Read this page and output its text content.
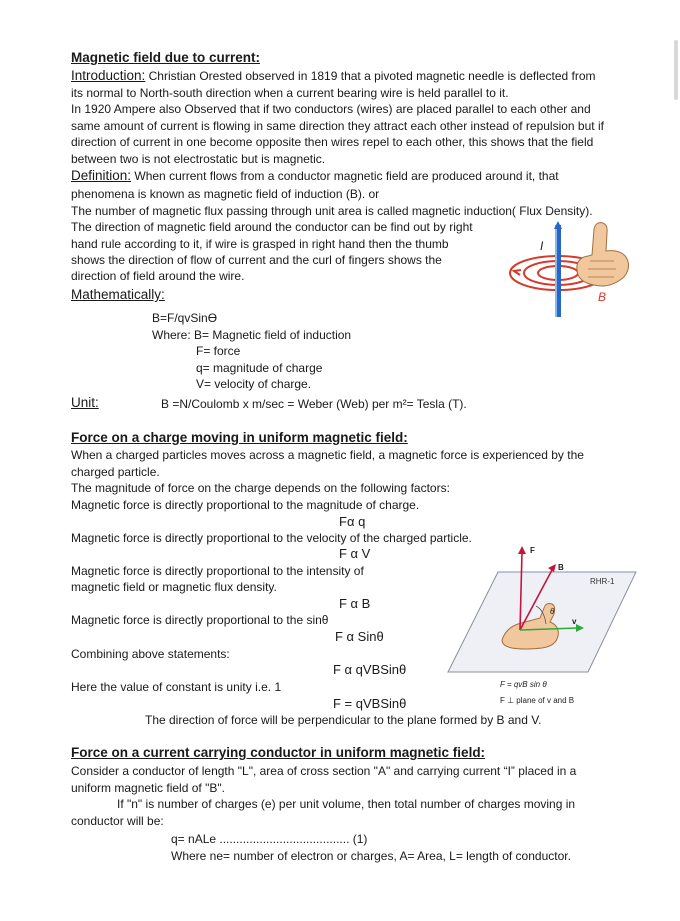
Magnetic field due to current:
Introduction: Christian Orested observed in 1819 that a pivoted magnetic needle is deflected from
its normal to North-south direction when a current bearing wire is held parallel to it.
In 1920 Ampere also Observed that if two conductors (wires) are placed parallel to each other and
same amount of current is flowing in same direction they attract each other instead of repulsion but if
direction of current in one become opposite then wires repel to each other, this shows that the field
between two is not electrostatic but is magnetic.
Definition: When current flows from a conductor magnetic field are produced around it, that
phenomena is known as magnetic field of induction (B). or
The number of magnetic flux passing through unit area is called magnetic induction( Flux Density).
The direction of magnetic field around the conductor can be find out by right
hand rule according to it, if wire is grasped in right hand then the thumb
shows the direction of flow of current and the curl of fingers shows the
direction of field around the wire.
Mathematically:
B=F/qvSinϴ
Where: B= Magnetic field of induction
F= force
q= magnitude of charge
V= velocity of charge.
Unit:	B =N/Coulomb x m/sec = Weber (Web) per m²= Tesla (T).
I
B
Force on a charge moving in uniform magnetic field:
When a charged particles moves across a magnetic field, a magnetic force is experienced by the
charged particle.
The magnitude of force on the charge depends on the following factors:
Magnetic force is directly proportional to the magnitude of charge.
Fα q
Magnetic force is directly proportional to the velocity of the charged particle.
F α V
Magnetic force is directly proportional to the intensity of
magnetic field or magnetic flux density.
F α B
Magnetic force is directly proportional to the sinθ
F α Sinθ
Combining above statements:
F α qVBSinθ
Here the value of constant is unity i.e. 1
F = qVBSinθ
The direction of force will be perpendicular to the plane formed by B and V.
RHR-1
F
B
v
θ
F = qvB sin θ
F ⊥ plane of v and B
Force on a current carrying conductor in uniform magnetic field:
Consider a conductor of length "L", area of cross section "A" and carrying current “I” placed in a
uniform magnetic field of "B".
If "n" is number of charges (e) per unit volume, then total number of charges moving in
conductor will be:
q= nALe ....................................... (1)
Where ne= number of electron or charges, A= Area, L= length of conductor.
